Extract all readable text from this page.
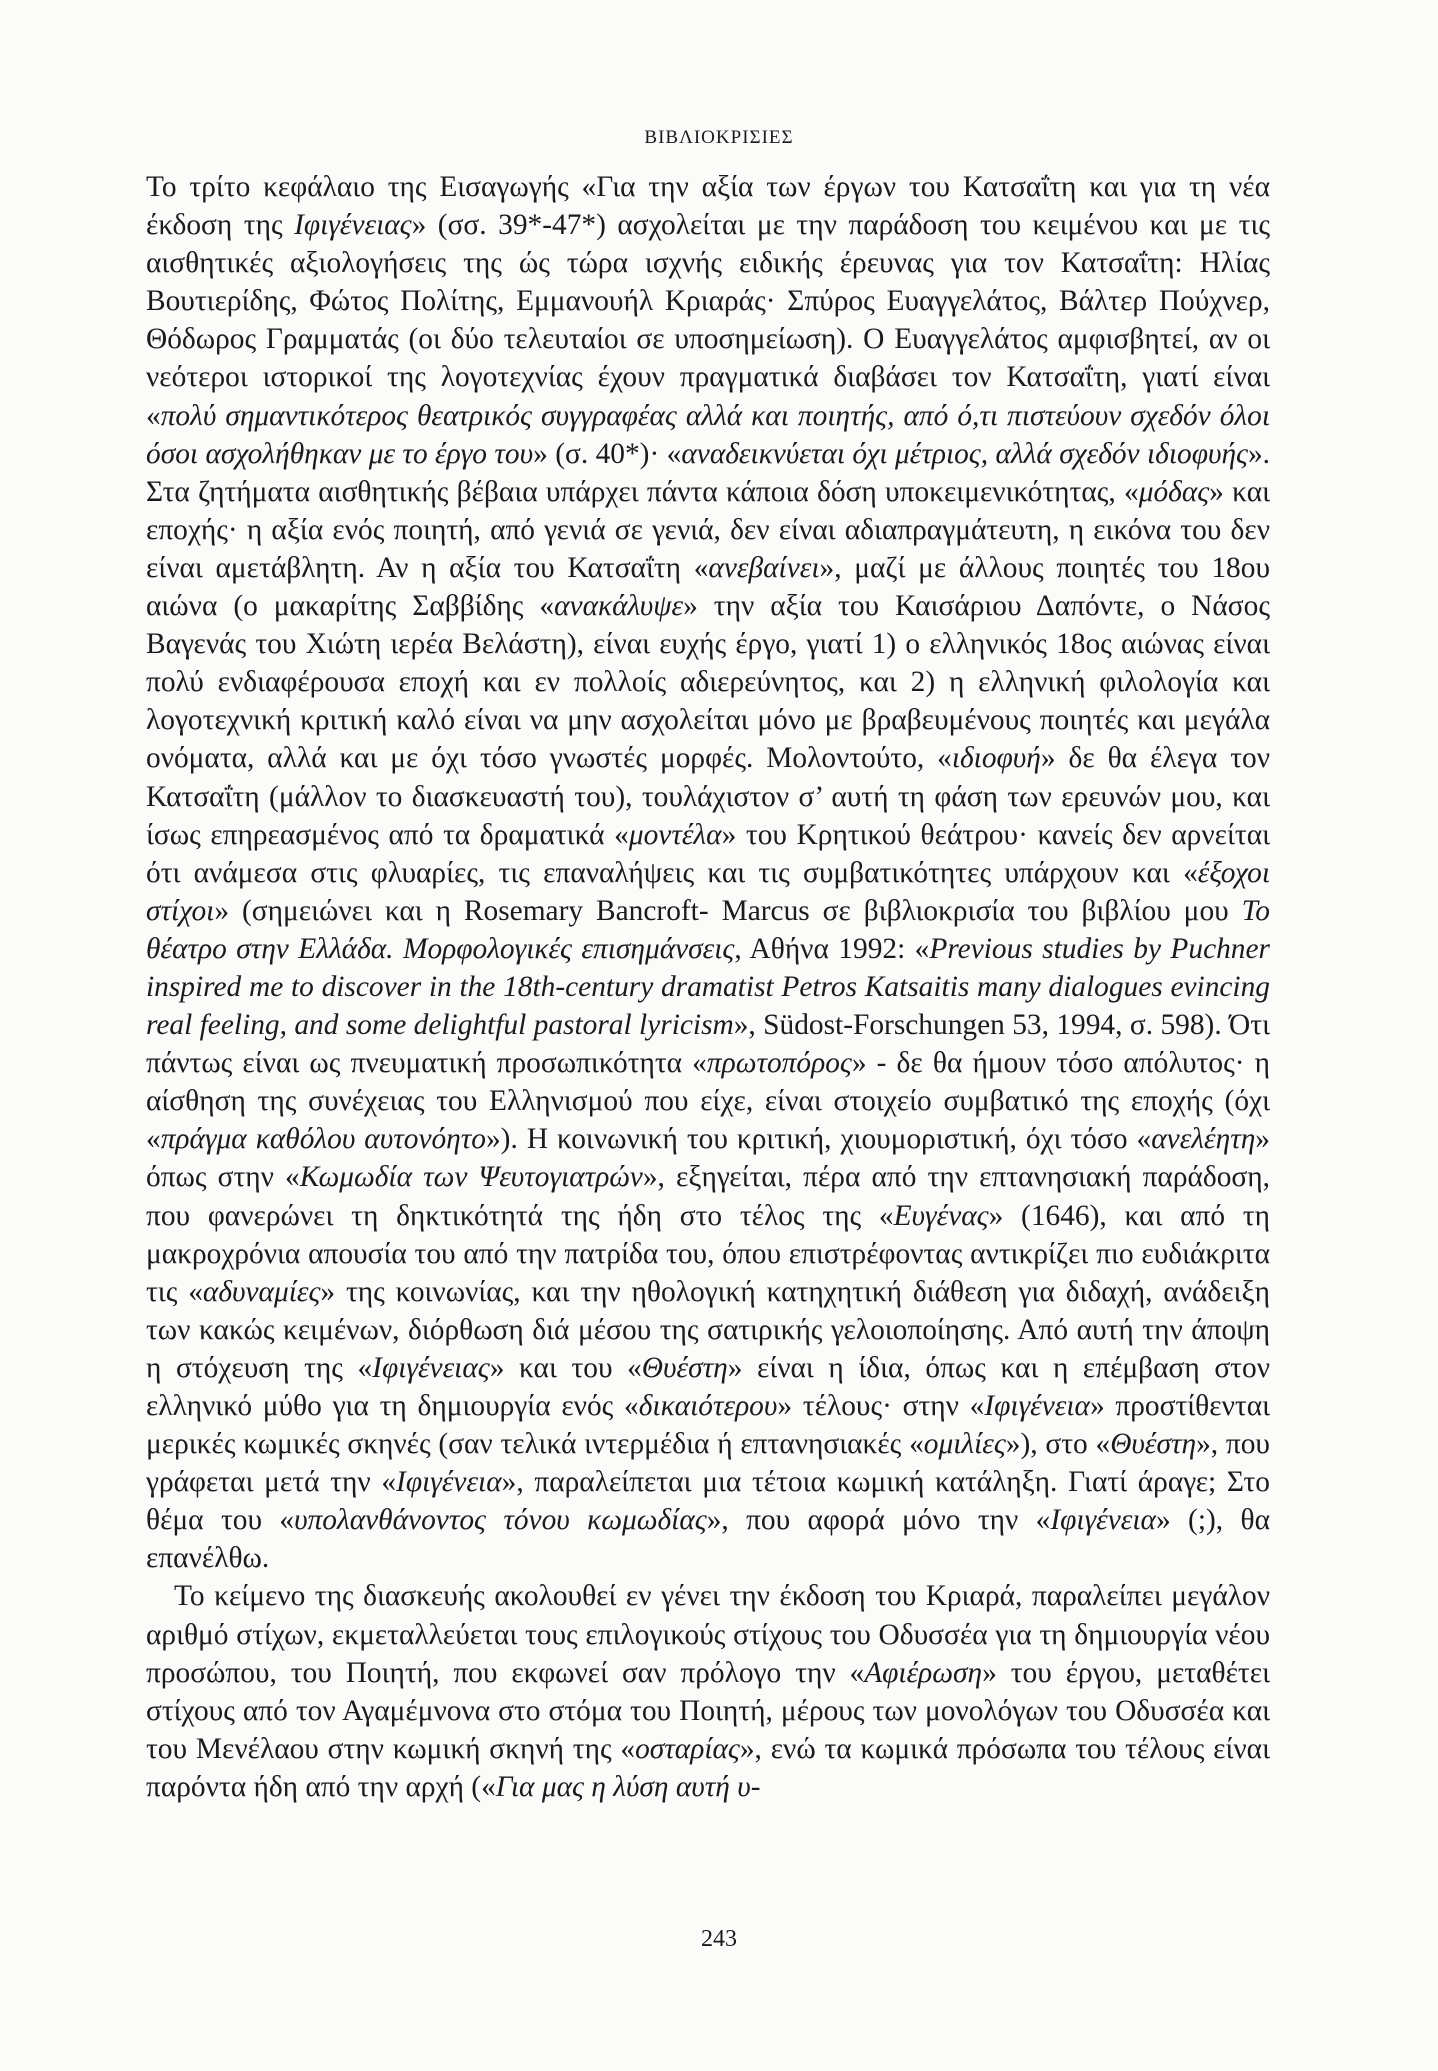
ΒΙΒΛΙΟΚΡΙΣΙΕΣ

Το τρίτο κεφάλαιο της Εισαγωγής «Για την αξία των έργων του Κατσαΐτη και για τη νέα έκδοση της Ιφιγένειας» (σσ. 39*-47*) ασχολείται με την παράδοση του κειμένου και με τις αισθητικές αξιολογήσεις της ώς τώρα ισχνής ειδικής έρευνας για τον Κατσαΐτη: Ηλίας Βουτιερίδης, Φώτος Πολίτης, Εμμανουήλ Κριαράς· Σπύρος Ευαγγελάτος, Βάλτερ Πούχνερ, Θόδωρος Γραμματάς (οι δύο τελευταίοι σε υποσημείωση). Ο Ευαγγελάτος αμφισβητεί, αν οι νεότεροι ιστορικοί της λογοτεχνίας έχουν πραγματικά διαβάσει τον Κατσαΐτη, γιατί είναι «πολύ σημαντικότερος θεατρικός συγγραφέας αλλά και ποιητής, από ό,τι πιστεύουν σχεδόν όλοι όσοι ασχολήθηκαν με το έργο του» (σ. 40*)· «αναδεικνύεται όχι μέτριος, αλλά σχεδόν ιδιοφυής». Στα ζητήματα αισθητικής βέβαια υπάρχει πάντα κάποια δόση υποκειμενικότητας, «μόδας» και εποχής· η αξία ενός ποιητή, από γενιά σε γενιά, δεν είναι αδιαπραγμάτευτη, η εικόνα του δεν είναι αμετάβλητη. Αν η αξία του Κατσαΐτη «ανεβαίνει», μαζί με άλλους ποιητές του 18ου αιώνα (ο μακαρίτης Σαββίδης «ανακάλυψε» την αξία του Καισάριου Δαπόντε, ο Νάσος Βαγενάς του Χιώτη ιερέα Βελάστη), είναι ευχής έργο, γιατί 1) ο ελληνικός 18ος αιώνας είναι πολύ ενδιαφέρουσα εποχή και εν πολλοίς αδιερεύνητος, και 2) η ελληνική φιλολογία και λογοτεχνική κριτική καλό είναι να μην ασχολείται μόνο με βραβευμένους ποιητές και μεγάλα ονόματα, αλλά και με όχι τόσο γνωστές μορφές. Μολοντούτο, «ιδιοφυή» δε θα έλεγα τον Κατσαΐτη (μάλλον το διασκευαστή του), τουλάχιστον σ’ αυτή τη φάση των ερευνών μου, και ίσως επηρεασμένος από τα δραματικά «μοντέλα» του Κρητικού θεάτρου· κανείς δεν αρνείται ότι ανάμεσα στις φλυαρίες, τις επαναλήψεις και τις συμβατικότητες υπάρχουν και «έξοχοι στίχοι» (σημειώνει και η Rosemary Bancroft- Marcus σε βιβλιοκρισία του βιβλίου μου Το θέατρο στην Ελλάδα. Μορφολογικές επισημάνσεις, Αθήνα 1992: «Previous studies by Puchner inspired me to discover in the 18th-century dramatist Petros Katsaitis many dialogues evincing real feeling, and some delightful pastoral lyricism», Südost-Forschungen 53, 1994, σ. 598). Ότι πάντως είναι ως πνευματική προσωπικότητα «πρωτοπόρος» - δε θα ήμουν τόσο απόλυτος· η αίσθηση της συνέχειας του Ελληνισμού που είχε, είναι στοιχείο συμβατικό της εποχής (όχι «πράγμα καθόλου αυτονόητο»). Η κοινωνική του κριτική, χιουμοριστική, όχι τόσο «ανελέητη» όπως στην «Κωμωδία των Ψευτογιατρών», εξηγείται, πέρα από την επτανησιακή παράδοση, που φανερώνει τη δηκτικότητά της ήδη στο τέλος της «Ευγένας» (1646), και από τη μακροχρόνια απουσία του από την πατρίδα του, όπου επιστρέφοντας αντικρίζει πιο ευδιάκριτα τις «αδυναμίες» της κοινωνίας, και την ηθολογική κατηχητική διάθεση για διδαχή, ανάδειξη των κακώς κειμένων, διόρθωση διά μέσου της σατιρικής γελοιοποίησης. Από αυτή την άποψη η στόχευση της «Ιφιγένειας» και του «Θυέστη» είναι η ίδια, όπως και η επέμβαση στον ελληνικό μύθο για τη δημιουργία ενός «δικαιότερου» τέλους· στην «Ιφιγένεια» προστίθενται μερικές κωμικές σκηνές (σαν τελικά ιντερμέδια ή επτανησιακές «ομιλίες»), στο «Θυέστη», που γράφεται μετά την «Ιφιγένεια», παραλείπεται μια τέτοια κωμική κατάληξη. Γιατί άραγε; Στο θέμα του «υπολανθάνοντος τόνου κωμωδίας», που αφορά μόνο την «Ιφιγένεια» (;), θα επανέλθω.

Το κείμενο της διασκευής ακολουθεί εν γένει την έκδοση του Κριαρά, παραλείπει μεγάλον αριθμό στίχων, εκμεταλλεύεται τους επιλογικούς στίχους του Οδυσσέα για τη δημιουργία νέου προσώπου, του Ποιητή, που εκφωνεί σαν πρόλογο την «Αφιέρωση» του έργου, μεταθέτει στίχους από τον Αγαμέμνονα στο στόμα του Ποιητή, μέρους των μονολόγων του Οδυσσέα και του Μενέλαου στην κωμική σκηνή της «οσταρίας», ενώ τα κωμικά πρόσωπα του τέλους είναι παρόντα ήδη από την αρχή («Για μας η λύση αυτή υ-

243
